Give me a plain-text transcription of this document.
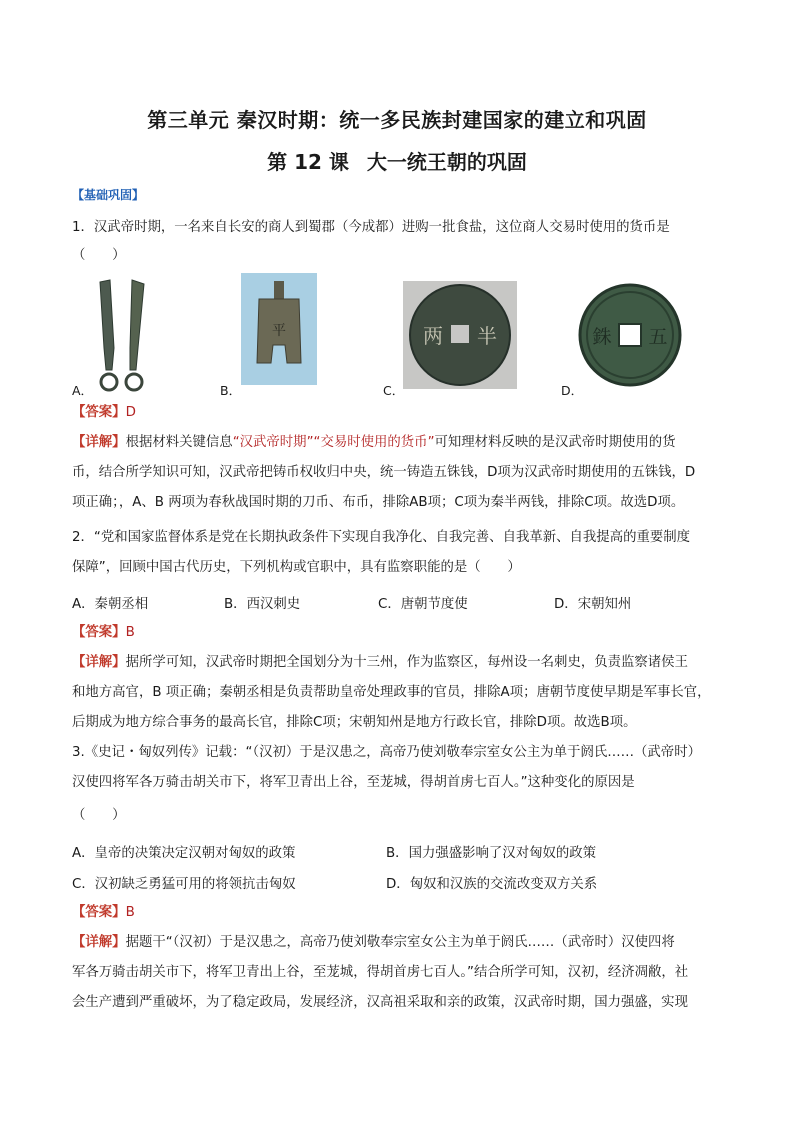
第三单元 秦汉时期：统一多民族封建国家的建立和巩固
第 12 课 大一统王朝的巩固
【基础巩固】
1．汉武帝时期，一名来自长安的商人到蜀郡（今成都）进购一批食盐，这位商人交易时使用的货币是
（　　）
平	两 半	銖 五
A．	B．	C．	D．
【答案】D
【详解】根据材料关键信息“汉武帝时期”“交易时使用的货币”可知理材料反映的是汉武帝时期使用的货
币，结合所学知识可知，汉武帝把铸币权收归中央，统一铸造五铢钱，D项为汉武帝时期使用的五铢钱，D
项正确；，A、B 两项为春秋战国时期的刀币、布币，排除AB项；C项为秦半两钱，排除C项。故选D项。
2．“党和国家监督体系是党在长期执政条件下实现自我净化、自我完善、自我革新、自我提高的重要制度
保障”，回顾中国古代历史，下列机构或官职中，具有监察职能的是（　　）
A．秦朝丞相	B．西汉刺史	C．唐朝节度使	D．宋朝知州
【答案】B
【详解】据所学可知，汉武帝时期把全国划分为十三州，作为监察区，每州设一名刺史，负责监察诸侯王
和地方高官，B 项正确；秦朝丞相是负责帮助皇帝处理政事的官员，排除A项；唐朝节度使早期是军事长官，
后期成为地方综合事务的最高长官，排除C项；宋朝知州是地方行政长官，排除D项。故选B项。
3.《史记・匈奴列传》记载：“（汉初）于是汉患之，高帝乃使刘敬奉宗室女公主为单于阏氏……（武帝时）
汉使四将军各万骑击胡关市下，将军卫青出上谷，至茏城，得胡首虏七百人。”这种变化的原因是
（　　）
A．皇帝的决策决定汉朝对匈奴的政策	B．国力强盛影响了汉对匈奴的政策
C．汉初缺乏勇猛可用的将领抗击匈奴	D．匈奴和汉族的交流改变双方关系
【答案】B
【详解】据题干“（汉初）于是汉患之，高帝乃使刘敬奉宗室女公主为单于阏氏……（武帝时）汉使四将
军各万骑击胡关市下，将军卫青出上谷，至茏城，得胡首虏七百人。”结合所学可知，汉初，经济凋敝，社
会生产遭到严重破坏，为了稳定政局，发展经济，汉高祖采取和亲的政策，汉武帝时期，国力强盛，实现
